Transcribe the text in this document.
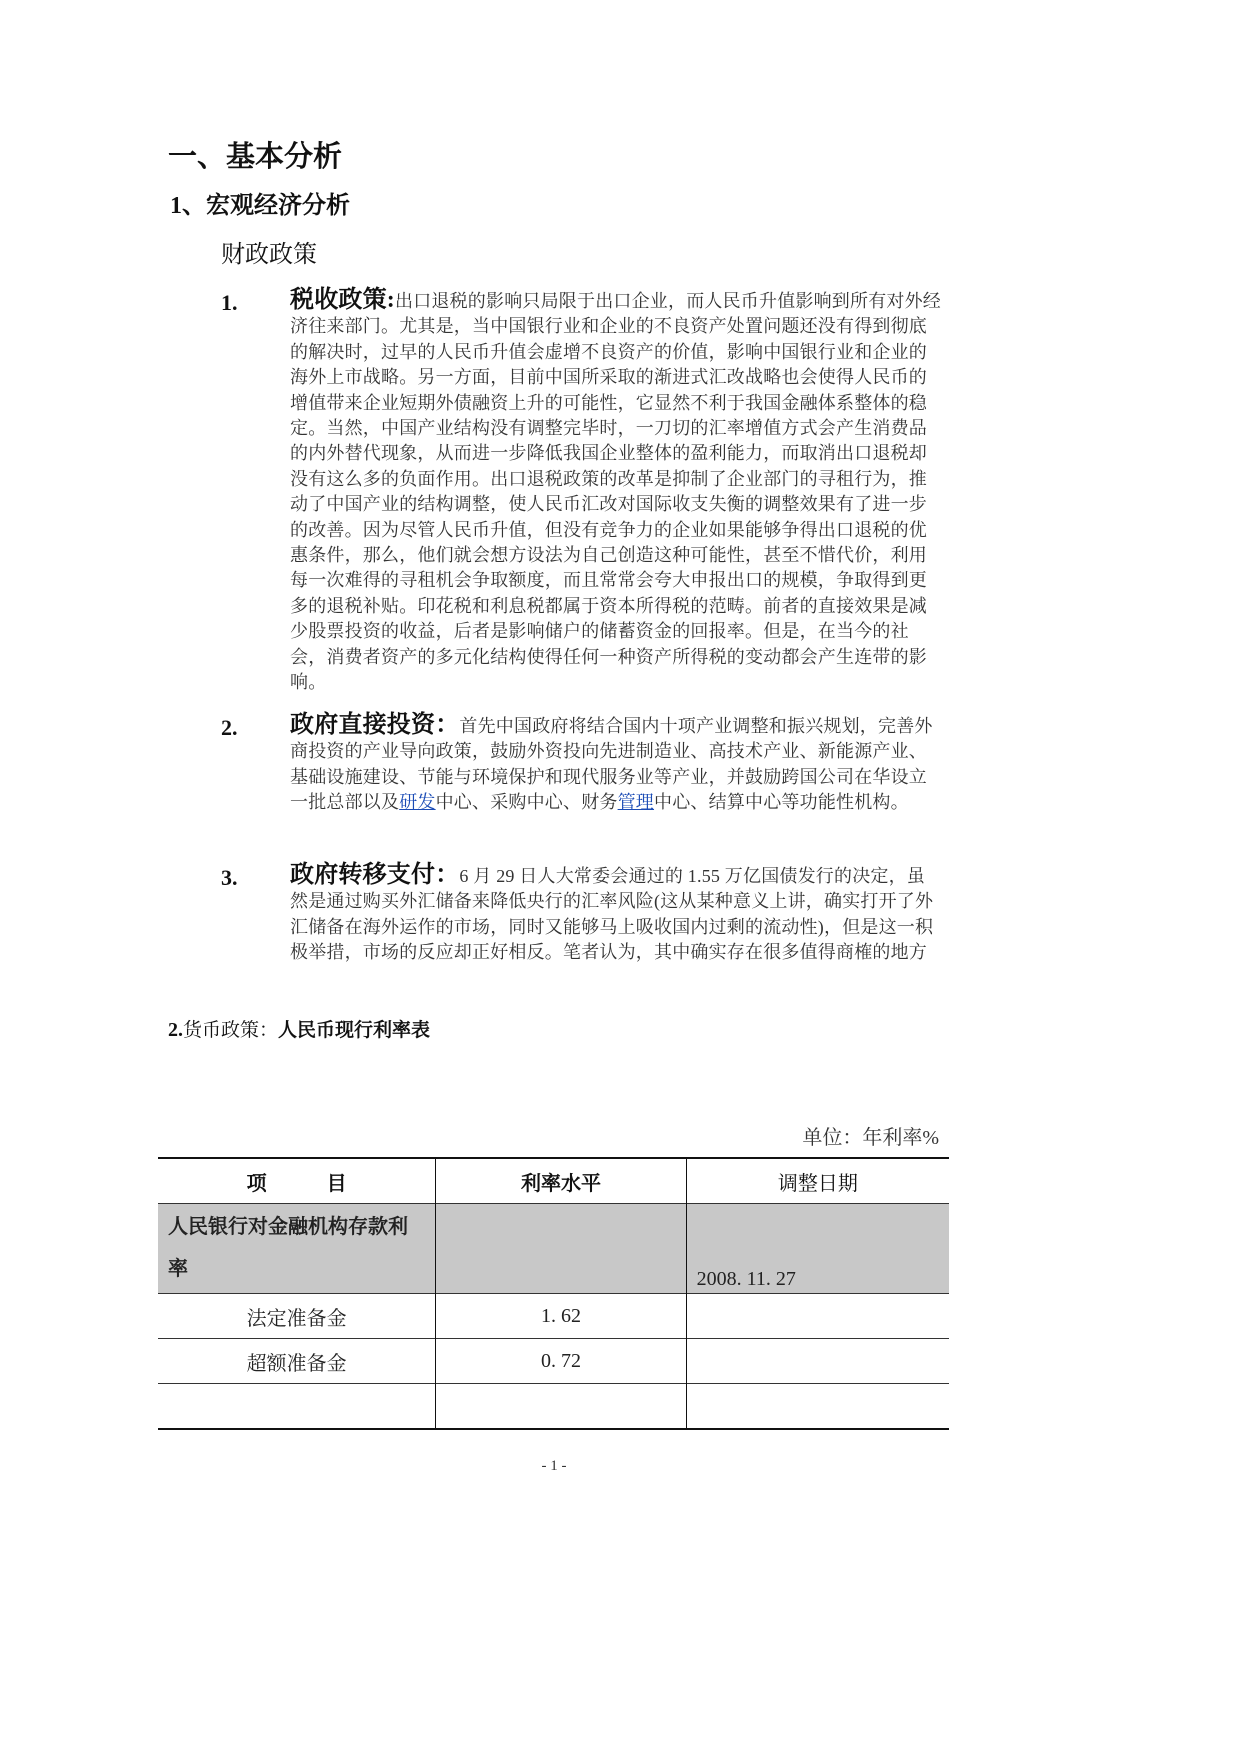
一、基本分析
1、宏观经济分析
财政政策
1. 税收政策:出口退税的影响只局限于出口企业，而人民币升值影响到所有对外经济往来部门。尤其是，当中国银行业和企业的不良资产处置问题还没有得到彻底的解决时，过早的人民币升值会虚增不良资产的价值，影响中国银行业和企业的海外上市战略。另一方面，目前中国所采取的渐进式汇改战略也会使得人民币的增值带来企业短期外债融资上升的可能性，它显然不利于我国金融体系整体的稳定。当然，中国产业结构没有调整完毕时，一刀切的汇率增值方式会产生消费品的内外替代现象，从而进一步降低我国企业整体的盈利能力，而取消出口退税却没有这么多的负面作用。出口退税政策的改革是抑制了企业部门的寻租行为，推动了中国产业的结构调整，使人民币汇改对国际收支失衡的调整效果有了进一步的改善。因为尽管人民币升值，但没有竞争力的企业如果能够争得出口退税的优惠条件，那么，他们就会想方设法为自己创造这种可能性，甚至不惜代价，利用每一次难得的寻租机会争取额度，而且常常会夸大申报出口的规模，争取得到更多的退税补贴。印花税和利息税都属于资本所得税的范畴。前者的直接效果是减少股票投资的收益，后者是影响储户的储蓄资金的回报率。但是，在当今的社会，消费者资产的多元化结构使得任何一种资产所得税的变动都会产生连带的影响。
2. 政府直接投资：首先中国政府将结合国内十项产业调整和振兴规划，完善外商投资的产业导向政策，鼓励外资投向先进制造业、高技术产业、新能源产业、基础设施建设、节能与环境保护和现代服务业等产业，并鼓励跨国公司在华设立一批总部以及研发中心、采购中心、财务管理中心、结算中心等功能性机构。
3. 政府转移支付：6 月 29 日人大常委会通过的 1.55 万亿国债发行的决定，虽然是通过购买外汇储备来降低央行的汇率风险(这从某种意义上讲，确实打开了外汇储备在海外运作的市场，同时又能够马上吸收国内过剩的流动性)，但是这一积极举措，市场的反应却正好相反。笔者认为，其中确实存在很多值得商榷的地方
2.货币政策：人民币现行利率表
单位：年利率%
项　　　目	利率水平	调整日期
人民银行对金融机构存款利率		2008. 11. 27
法定准备金	1. 62	
超额准备金	0. 72	

- 1 -
